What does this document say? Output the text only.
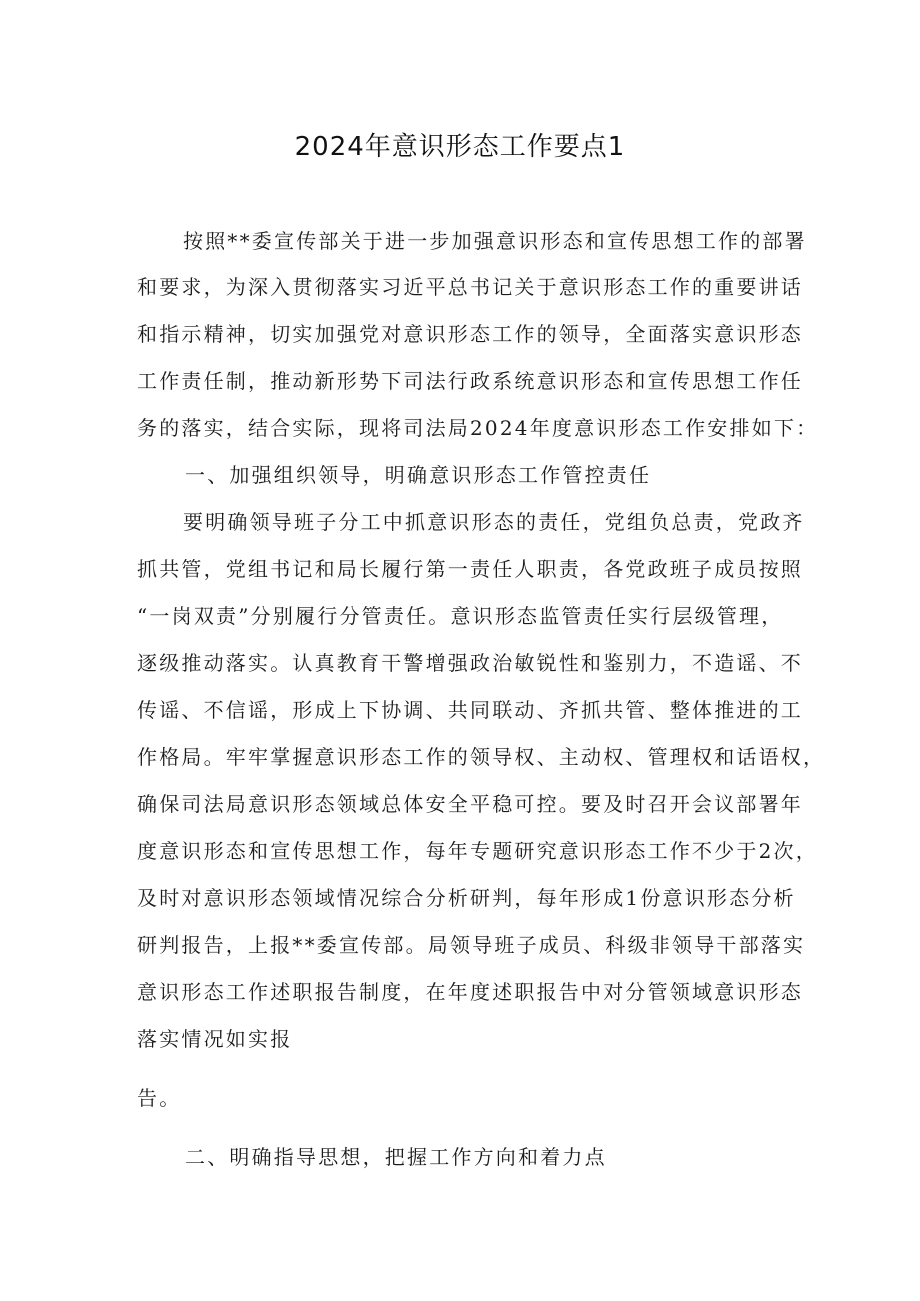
2024年意识形态工作要点1
按照**委宣传部关于进一步加强意识形态和宣传思想工作的部署
和要求，为深入贯彻落实习近平总书记关于意识形态工作的重要讲话
和指示精神，切实加强党对意识形态工作的领导，全面落实意识形态
工作责任制，推动新形势下司法行政系统意识形态和宣传思想工作任
务的落实，结合实际，现将司法局2024年度意识形态工作安排如下：
一、加强组织领导，明确意识形态工作管控责任
要明确领导班子分工中抓意识形态的责任，党组负总责，党政齐
抓共管，党组书记和局长履行第一责任人职责，各党政班子成员按照
“一岗双责”分别履行分管责任。意识形态监管责任实行层级管理，
逐级推动落实。认真教育干警增强政治敏锐性和鉴别力，不造谣、不
传谣、不信谣，形成上下协调、共同联动、齐抓共管、整体推进的工
作格局。牢牢掌握意识形态工作的领导权、主动权、管理权和话语权，
确保司法局意识形态领域总体安全平稳可控。要及时召开会议部署年
度意识形态和宣传思想工作，每年专题研究意识形态工作不少于2次，
及时对意识形态领域情况综合分析研判，每年形成1份意识形态分析
研判报告，上报**委宣传部。局领导班子成员、科级非领导干部落实
意识形态工作述职报告制度，在年度述职报告中对分管领域意识形态
落实情况如实报
告。
二、明确指导思想，把握工作方向和着力点
